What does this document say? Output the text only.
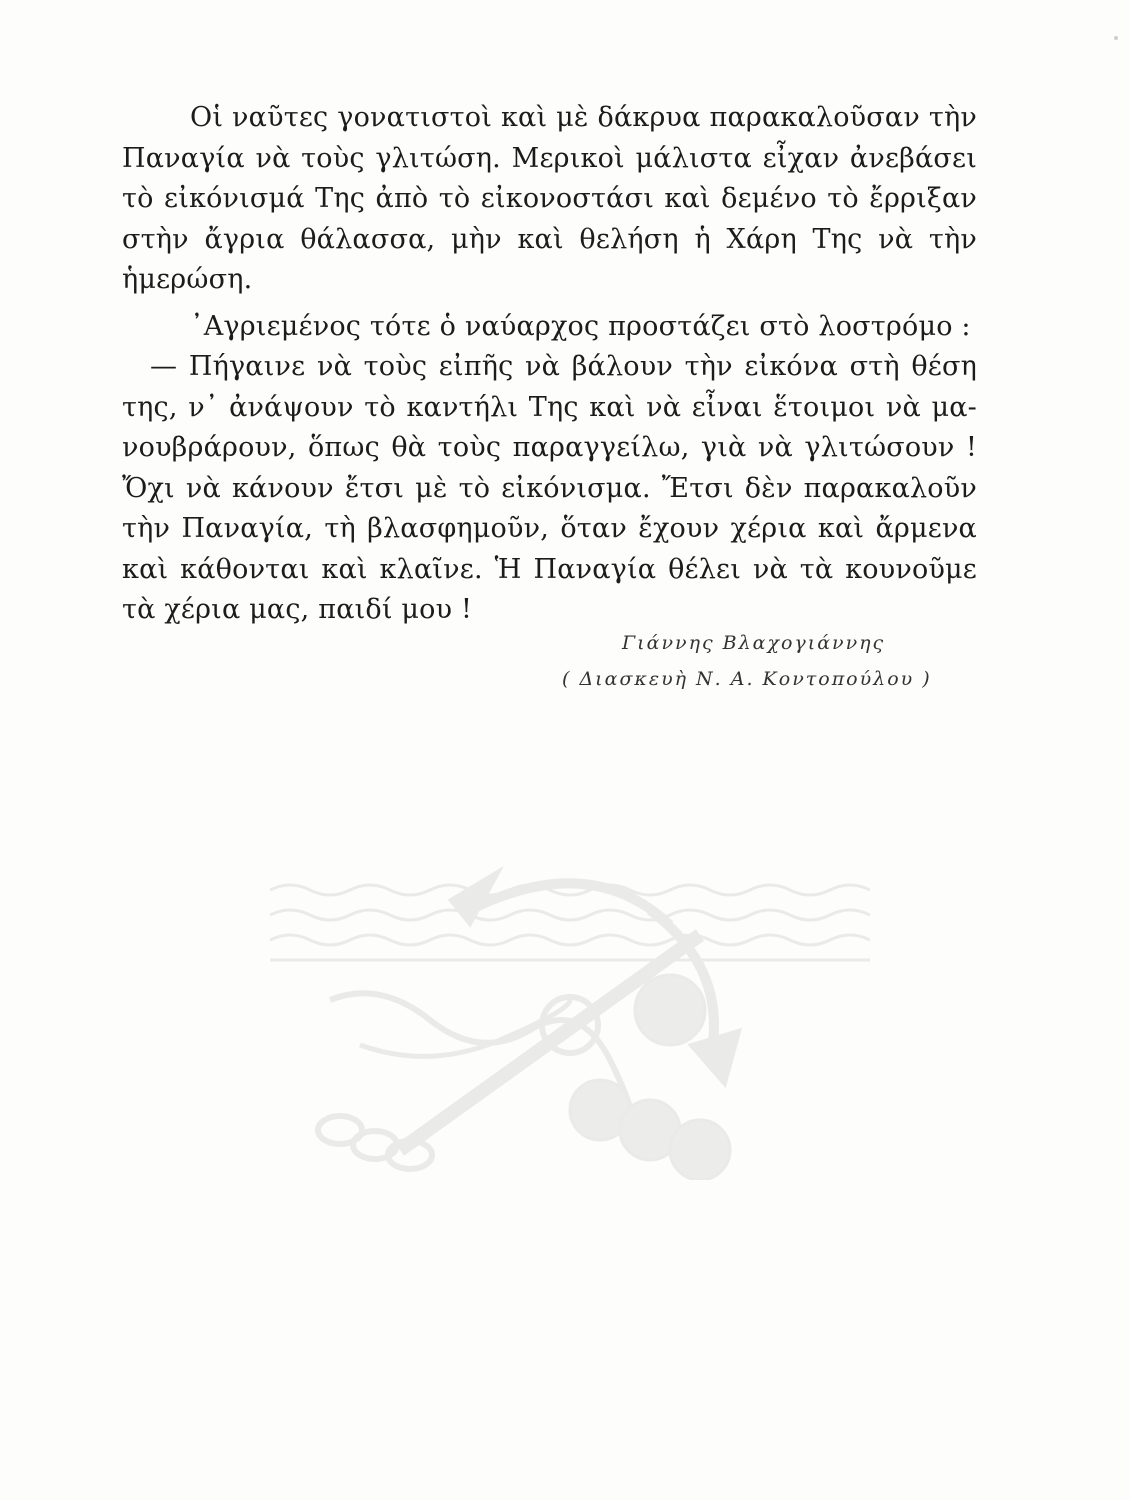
Οἱ ναῦτες γονατιστοὶ καὶ μὲ δάκρυα παρακαλοῦσαν τὴν
Παναγία νὰ τοὺς γλιτώση. Μερικοὶ μάλιστα εἶχαν ἀνεβάσει
τὸ εἰκόνισμά Της ἀπὸ τὸ εἰκονοστάσι καὶ δεμένο τὸ ἔρριξαν
στὴν ἄγρια θάλασσα, μὴν καὶ θελήση ἡ Χάρη Της νὰ τὴν
ἡμερώση.
᾿Αγριεμένος τότε ὁ ναύαρχος προστάζει στὸ λοστρόμο :
— Πήγαινε νὰ τοὺς εἰπῆς νὰ βάλουν τὴν εἰκόνα στὴ θέση
της, ν᾿ ἀνάψουν τὸ καντήλι Της καὶ νὰ εἶναι ἕτοιμοι νὰ μα-
νουβράρουν, ὅπως θὰ τοὺς παραγγείλω, γιὰ νὰ γλιτώσουν !
Ὄχι νὰ κάνουν ἔτσι μὲ τὸ εἰκόνισμα. Ἔτσι δὲν παρακαλοῦν
τὴν Παναγία, τὴ βλασφημοῦν, ὅταν ἔχουν χέρια καὶ ἄρμενα
καὶ κάθονται καὶ κλαῖνε. Ἡ Παναγία θέλει νὰ τὰ κουνοῦμε
τὰ χέρια μας, παιδί μου !
Γιάννης Βλαχογιάννης
( Διασκευὴ Ν. Α. Κοντοπούλου )
